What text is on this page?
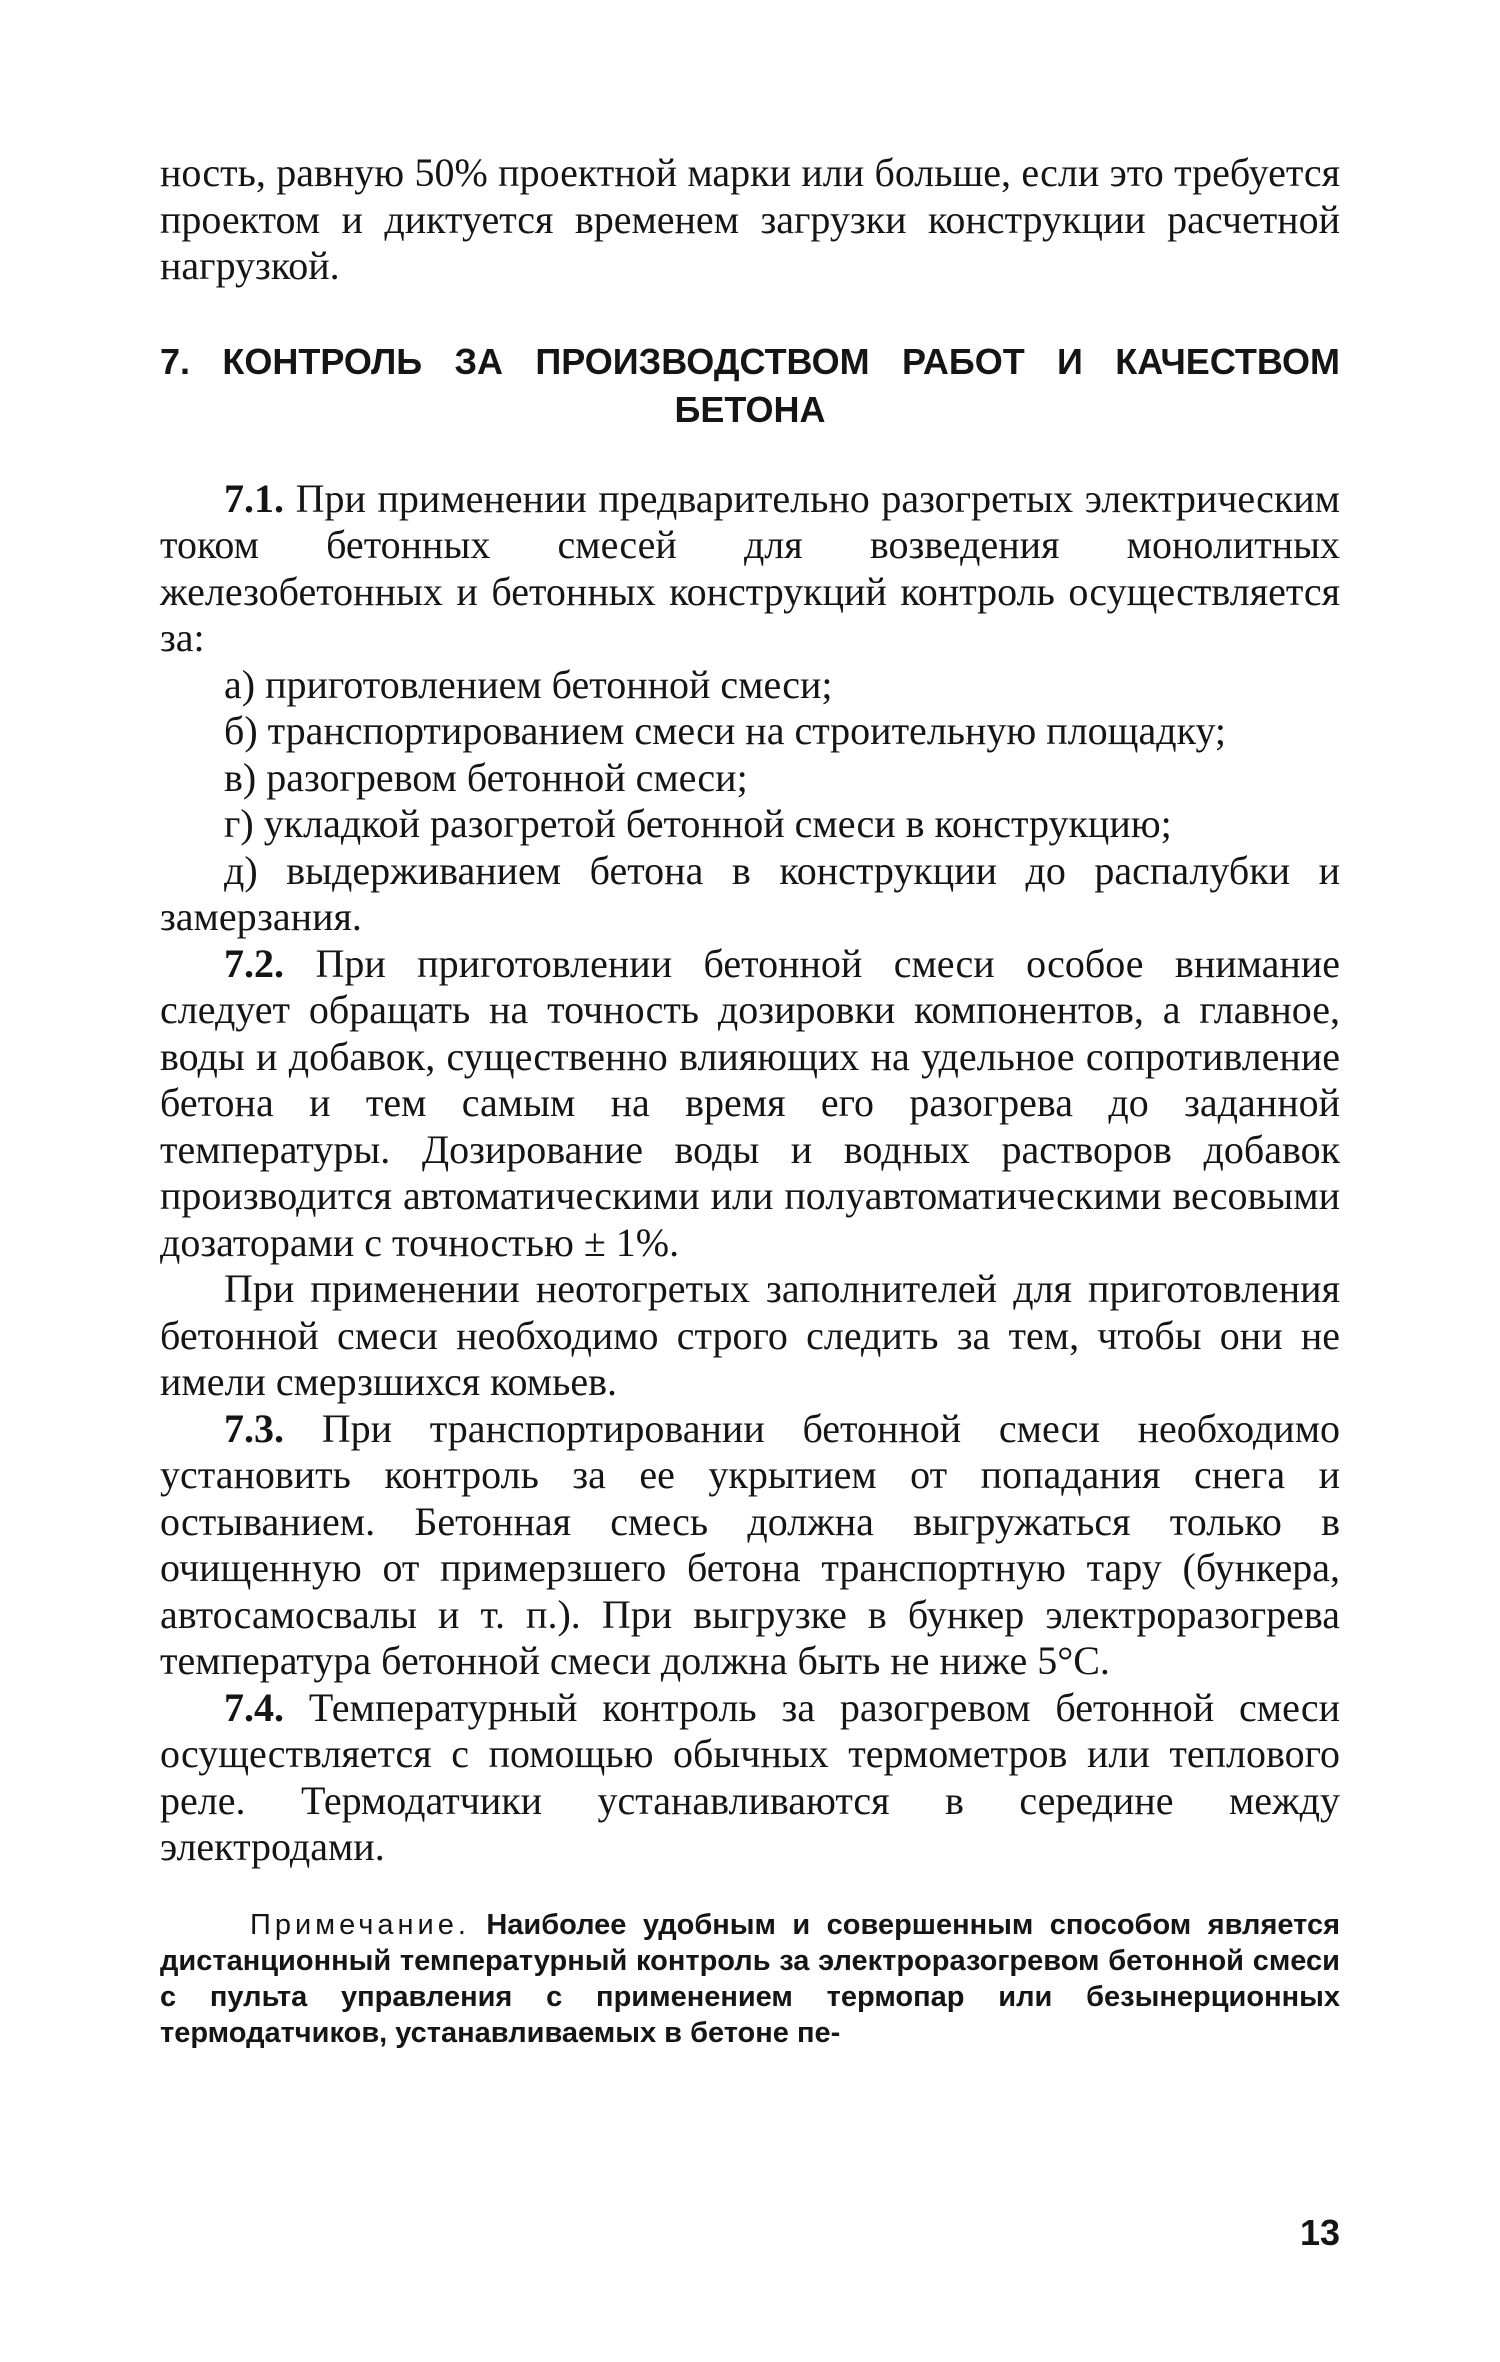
ность, равную 50% проектной марки или больше, если это требуется проектом и диктуется временем загрузки конструкции расчетной нагрузкой.

7. КОНТРОЛЬ ЗА ПРОИЗВОДСТВОМ РАБОТ И КАЧЕСТВОМ
БЕТОНА

7.1. При применении предварительно разогретых электрическим током бетонных смесей для возведения монолитных железобетонных и бетонных конструкций контроль осуществляется за:

а) приготовлением бетонной смеси;

б) транспортированием смеси на строительную площадку;

в) разогревом бетонной смеси;

г) укладкой разогретой бетонной смеси в конструкцию;

д) выдерживанием бетона в конструкции до распалубки и замерзания.

7.2. При приготовлении бетонной смеси особое внимание следует обращать на точность дозировки компонентов, а главное, воды и добавок, существенно влияющих на удельное сопротивление бетона и тем самым на время его разогрева до заданной температуры. Дозирование воды и водных растворов добавок производится автоматическими или полуавтоматическими весовыми дозаторами с точностью ± 1%.

При применении неотогретых заполнителей для приготовления бетонной смеси необходимо строго следить за тем, чтобы они не имели смерзшихся комьев.

7.3. При транспортировании бетонной смеси необходимо установить контроль за ее укрытием от попадания снега и остыванием. Бетонная смесь должна выгружаться только в очищенную от примерзшего бетона транспортную тару (бункера, автосамосвалы и т. п.). При выгрузке в бункер электроразогрева температура бетонной смеси должна быть не ниже 5°С.

7.4. Температурный контроль за разогревом бетонной смеси осуществляется с помощью обычных термометров или теплового реле. Термодатчики устанавливаются в середине между электродами.

Примечание. Наиболее удобным и совершенным способом является дистанционный температурный контроль за электроразогревом бетонной смеси с пульта управления с применением термопар или безынерционных термодатчиков, устанавливаемых в бетоне пе-

13
